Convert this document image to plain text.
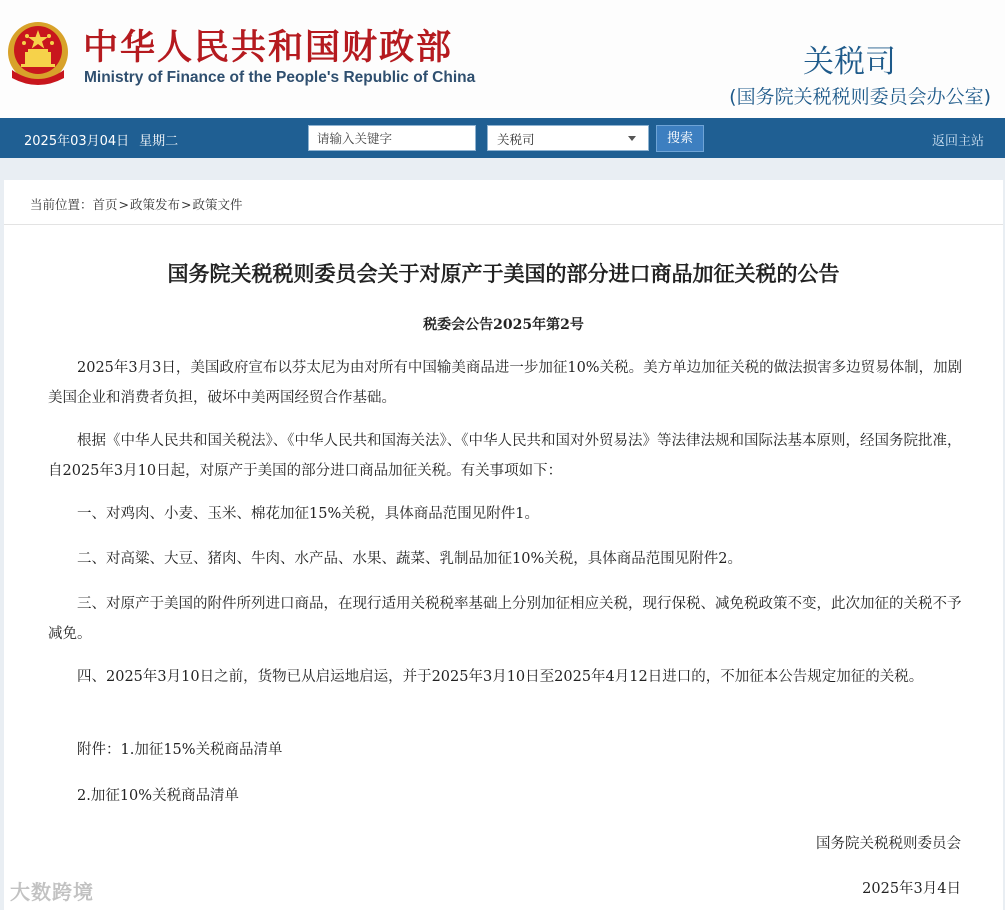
中华人民共和国财政部
Ministry of Finance of the People's Republic of China	关税司
(国务院关税税则委员会办公室)
2025年03月04日 星期二
请输入关键字	关税司	搜索	返回主站
当前位置：首页>政策发布>政策文件
国务院关税税则委员会关于对原产于美国的部分进口商品加征关税的公告
税委会公告2025年第2号

2025年3月3日，美国政府宣布以芬太尼为由对所有中国输美商品进一步加征10%关税。美方单边加征关税的做法损害多边贸易体制，加剧美国企业和消费者负担，破坏中美两国经贸合作基础。

根据《中华人民共和国关税法》、《中华人民共和国海关法》、《中华人民共和国对外贸易法》等法律法规和国际法基本原则，经国务院批准，自2025年3月10日起，对原产于美国的部分进口商品加征关税。有关事项如下：

一、对鸡肉、小麦、玉米、棉花加征15%关税，具体商品范围见附件1。

二、对高粱、大豆、猪肉、牛肉、水产品、水果、蔬菜、乳制品加征10%关税，具体商品范围见附件2。

三、对原产于美国的附件所列进口商品，在现行适用关税税率基础上分别加征相应关税，现行保税、减免税政策不变，此次加征的关税不予减免。

四、2025年3月10日之前，货物已从启运地启运，并于2025年3月10日至2025年4月12日进口的，不加征本公告规定加征的关税。

附件：1.加征15%关税商品清单

2.加征10%关税商品清单

国务院关税税则委员会
2025年3月4日
大数跨境
